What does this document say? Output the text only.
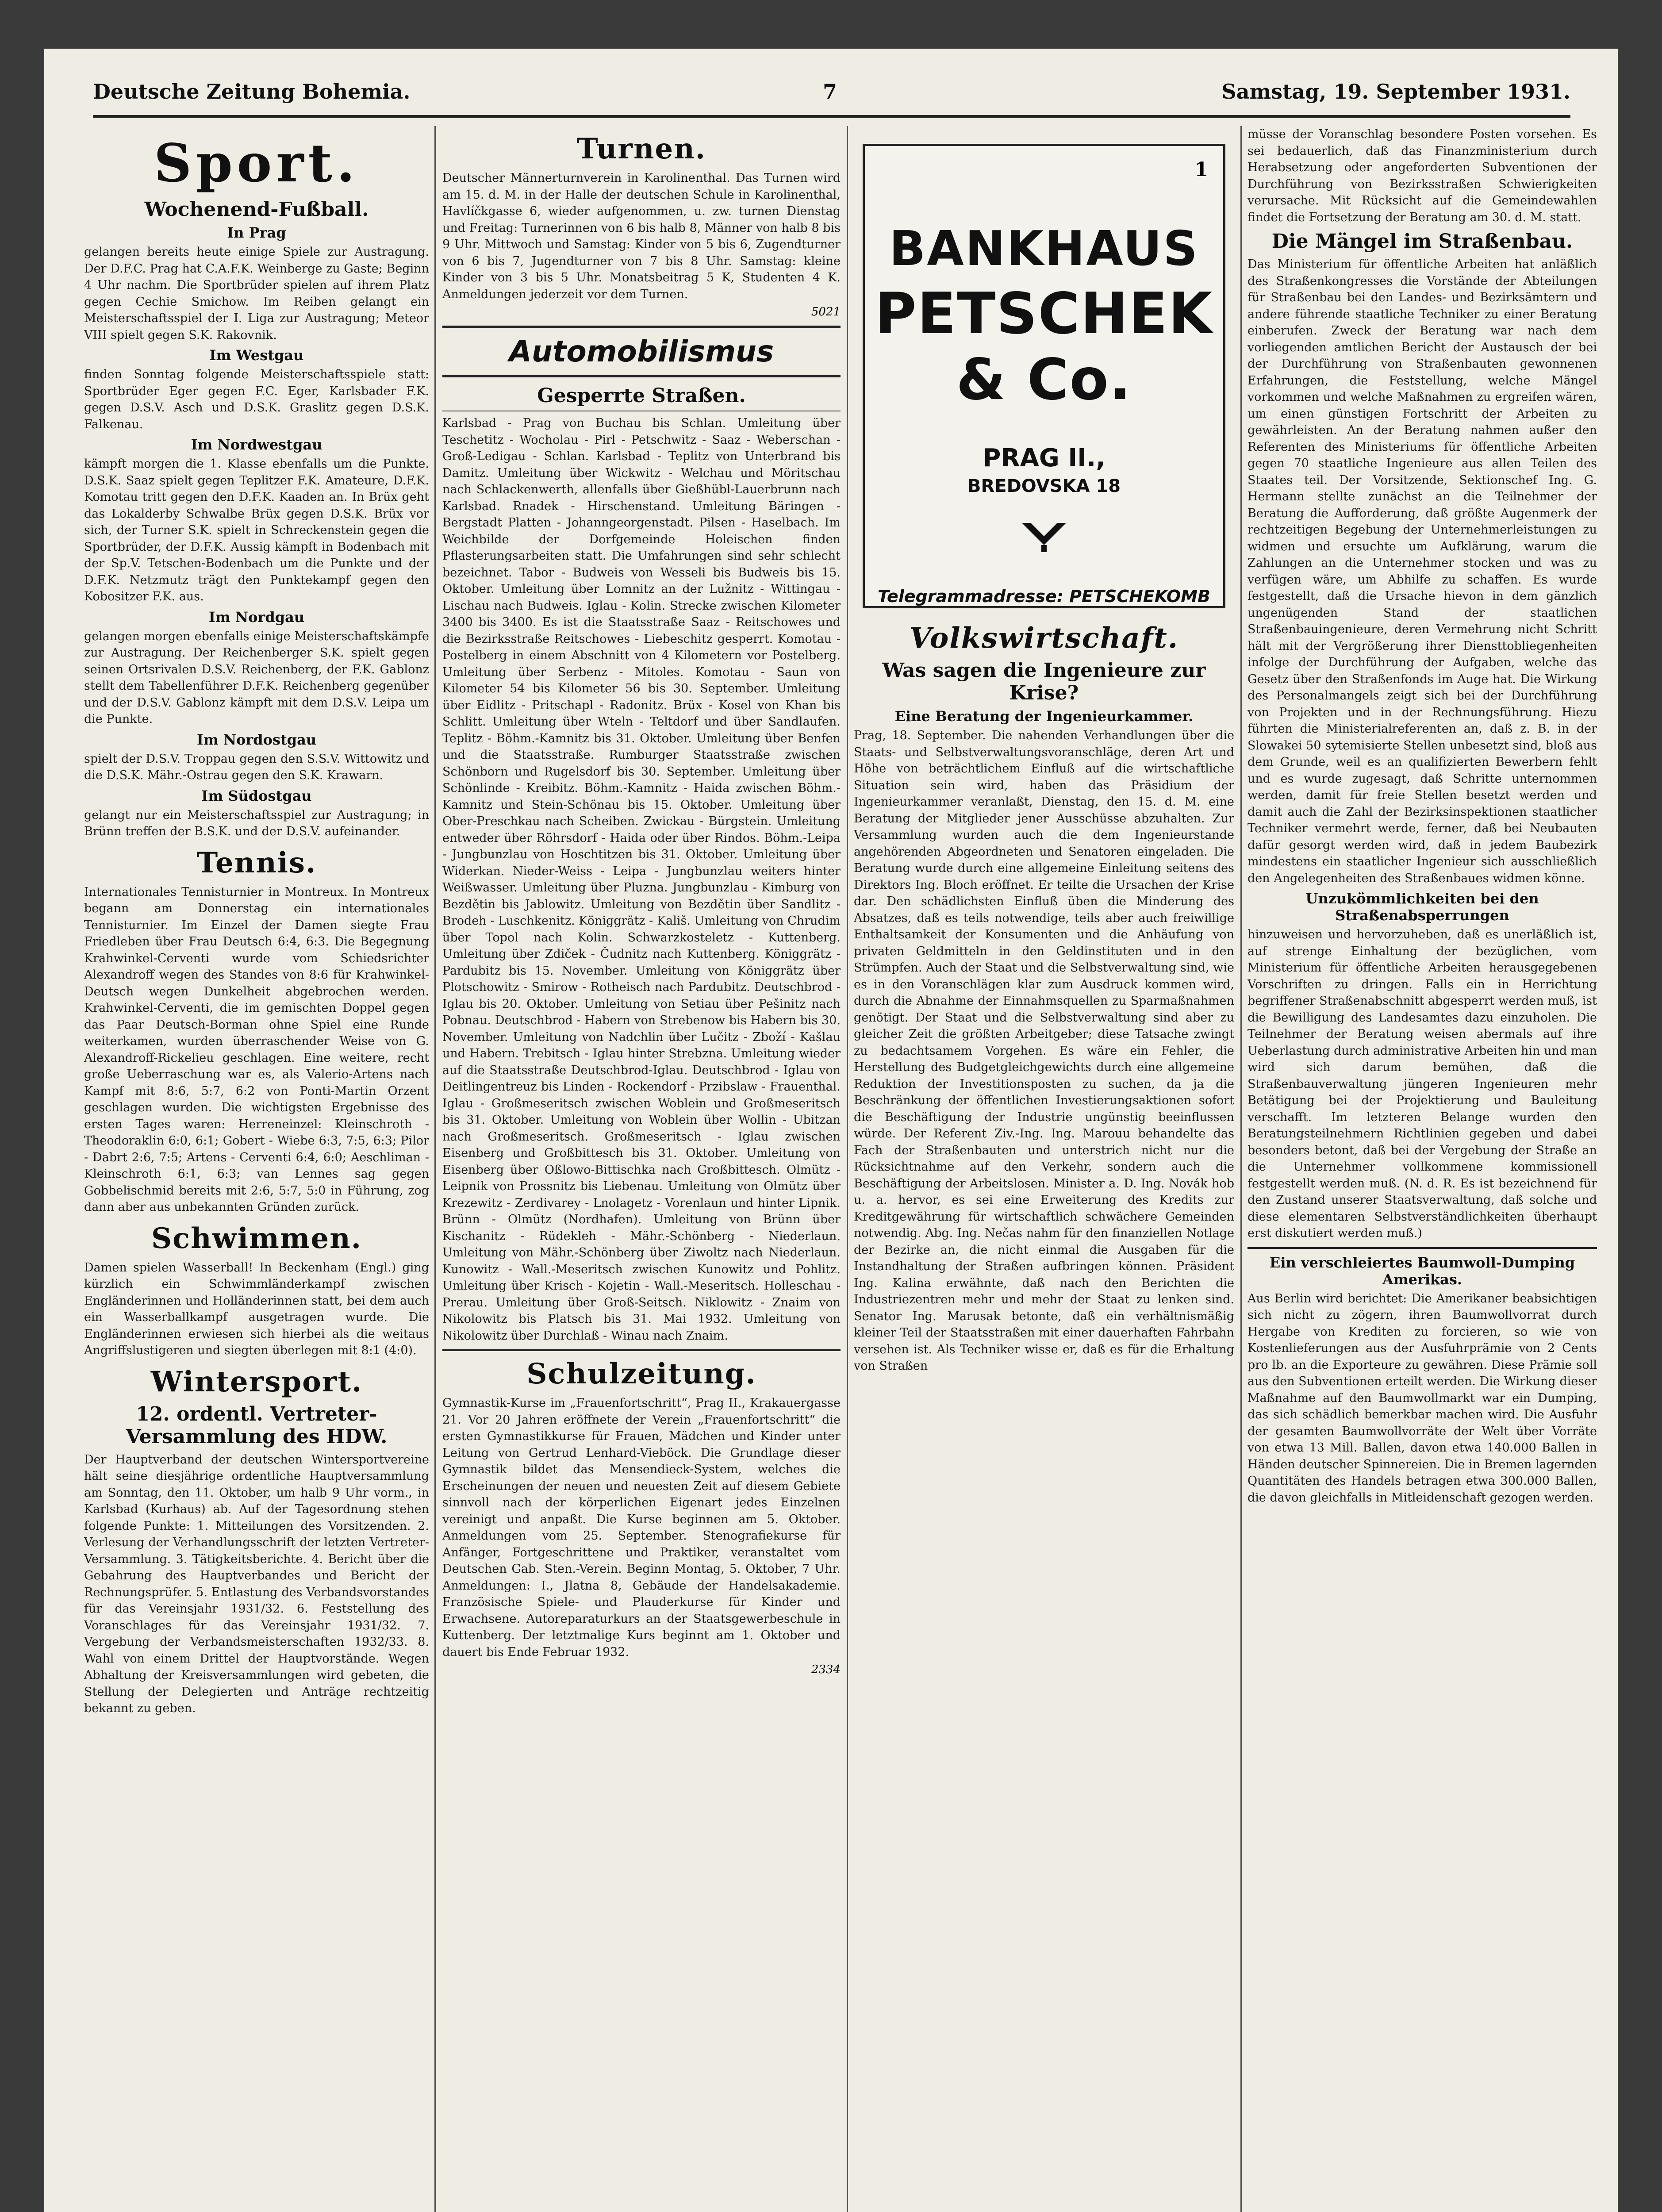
Deutsche Zeitung Bohemia.	7	Samstag, 19. September 1931.
Sport.
Wochenend-Fußball.
In Prag

gelangen bereits heute einige Spiele zur Austragung. Der D.F.C. Prag hat C.A.F.K. Weinberge zu Gaste; Beginn 4 Uhr nachm. Die Sportbrüder spielen auf ihrem Platz gegen Cechie Smichow. Im Reiben gelangt ein Meisterschaftsspiel der I. Liga zur Austragung; Meteor VIII spielt gegen S.K. Rakovnik.

Im Westgau

finden Sonntag folgende Meisterschaftsspiele statt: Sportbrüder Eger gegen F.C. Eger, Karlsbader F.K. gegen D.S.V. Asch und D.S.K. Graslitz gegen D.S.K. Falkenau.

Im Nordwestgau

kämpft morgen die 1. Klasse ebenfalls um die Punkte. D.S.K. Saaz spielt gegen Teplitzer F.K. Amateure, D.F.K. Komotau tritt gegen den D.F.K. Kaaden an. In Brüx geht das Lokalderby Schwalbe Brüx gegen D.S.K. Brüx vor sich, der Turner S.K. spielt in Schreckenstein gegen die Sportbrüder, der D.F.K. Aussig kämpft in Bodenbach mit der Sp.V. Tetschen-Bodenbach um die Punkte und der D.F.K. Netzmutz trägt den Punktekampf gegen den Kobositzer F.K. aus.

Im Nordgau

gelangen morgen ebenfalls einige Meisterschaftskämpfe zur Austragung. Der Reichenberger S.K. spielt gegen seinen Ortsrivalen D.S.V. Reichenberg, der F.K. Gablonz stellt dem Tabellenführer D.F.K. Reichenberg gegenüber und der D.S.V. Gablonz kämpft mit dem D.S.V. Leipa um die Punkte.

Im Nordostgau

spielt der D.S.V. Troppau gegen den S.S.V. Wittowitz und die D.S.K. Mähr.-Ostrau gegen den S.K. Krawarn.

Im Südostgau

gelangt nur ein Meisterschaftsspiel zur Austragung; in Brünn treffen der B.S.K. und der D.S.V. aufeinander.

Tennis.

Internationales Tennisturnier in Montreux. In Montreux begann am Donnerstag ein internationales Tennisturnier. Im Einzel der Damen siegte Frau Friedleben über Frau Deutsch 6:4, 6:3. Die Begegnung Krahwinkel-Cerventi wurde vom Schiedsrichter Alexandroff wegen des Standes von 8:6 für Krahwinkel-Deutsch wegen Dunkelheit abgebrochen werden. Krahwinkel-Cerventi, die im gemischten Doppel gegen das Paar Deutsch-Borman ohne Spiel eine Runde weiterkamen, wurden überraschender Weise von G. Alexandroff-Rickelieu geschlagen. Eine weitere, recht große Ueberraschung war es, als Valerio-Artens nach Kampf mit 8:6, 5:7, 6:2 von Ponti-Martin Orzent geschlagen wurden. Die wichtigsten Ergebnisse des ersten Tages waren: Herreneinzel: Kleinschroth - Theodoraklin 6:0, 6:1; Gobert - Wiebe 6:3, 7:5, 6:3; Pilor - Dabrt 2:6, 7:5; Artens - Cerventi 6:4, 6:0; Aeschliman - Kleinschroth 6:1, 6:3; van Lennes sag gegen Gobbelischmid bereits mit 2:6, 5:7, 5:0 in Führung, zog dann aber aus unbekannten Gründen zurück.

Schwimmen.

Damen spielen Wasserball! In Beckenham (Engl.) ging kürzlich ein Schwimmländerkampf zwischen Engländerinnen und Holländerinnen statt, bei dem auch ein Wasserballkampf ausgetragen wurde. Die Engländerinnen erwiesen sich hierbei als die weitaus Angriffslustigeren und siegten überlegen mit 8:1 (4:0).

Wintersport.
12. ordentl. Vertreter-Versammlung des HDW.

Der Hauptverband der deutschen Wintersportvereine hält seine diesjährige ordentliche Hauptversammlung am Sonntag, den 11. Oktober, um halb 9 Uhr vorm., in Karlsbad (Kurhaus) ab. Auf der Tagesordnung stehen folgende Punkte: 1. Mitteilungen des Vorsitzenden. 2. Verlesung der Verhandlungsschrift der letzten Vertreter-Versammlung. 3. Tätigkeitsberichte. 4. Bericht über die Gebahrung des Hauptverbandes und Bericht der Rechnungsprüfer. 5. Entlastung des Verbandsvorstandes für das Vereinsjahr 1931/32. 6. Feststellung des Voranschlages für das Vereinsjahr 1931/32. 7. Vergebung der Verbandsmeisterschaften 1932/33. 8. Wahl von einem Drittel der Hauptvorstände. Wegen Abhaltung der Kreisversammlungen wird gebeten, die Stellung der Delegierten und Anträge rechtzeitig bekannt zu geben.

Turnen.

Deutscher Männerturnverein in Karolinenthal. Das Turnen wird am 15. d. M. in der Halle der deutschen Schule in Karolinenthal, Havlíčkgasse 6, wieder aufgenommen, u. zw. turnen Dienstag und Freitag: Turnerinnen von 6 bis halb 8, Männer von halb 8 bis 9 Uhr. Mittwoch und Samstag: Kinder von 5 bis 6, Zugendturner von 6 bis 7, Jugendturner von 7 bis 8 Uhr. Samstag: kleine Kinder von 3 bis 5 Uhr. Monatsbeitrag 5 K, Studenten 4 K. Anmeldungen jederzeit vor dem Turnen.

5021
Automobilismus
Gesperrte Straßen.

Karlsbad - Prag von Buchau bis Schlan. Umleitung über Teschetitz - Wocholau - Pirl - Petschwitz - Saaz - Weberschan - Groß-Ledigau - Schlan. Karlsbad - Teplitz von Unterbrand bis Damitz. Umleitung über Wickwitz - Welchau und Möritschau nach Schlackenwerth, allenfalls über Gießhübl-Lauerbrunn nach Karlsbad. Rnadek - Hirschenstand. Umleitung Bäringen - Bergstadt Platten - Johanngeorgenstadt. Pilsen - Haselbach. Im Weichbilde der Dorfgemeinde Holeischen finden Pflasterungsarbeiten statt. Die Umfahrungen sind sehr schlecht bezeichnet. Tabor - Budweis von Wesseli bis Budweis bis 15. Oktober. Umleitung über Lomnitz an der Lužnitz - Wittingau - Lischau nach Budweis. Iglau - Kolin. Strecke zwischen Kilometer 3400 bis 3400. Es ist die Staatsstraße Saaz - Reitschowes und die Bezirksstraße Reitschowes - Liebeschitz gesperrt. Komotau - Postelberg in einem Abschnitt von 4 Kilometern vor Postelberg. Umleitung über Serbenz - Mitoles. Komotau - Saun von Kilometer 54 bis Kilometer 56 bis 30. September. Umleitung über Eidlitz - Pritschapl - Radonitz. Brüx - Kosel von Khan bis Schlitt. Umleitung über Wteln - Teltdorf und über Sandlaufen. Teplitz - Böhm.-Kamnitz bis 31. Oktober. Umleitung über Benfen und die Staatsstraße. Rumburger Staatsstraße zwischen Schönborn und Rugelsdorf bis 30. September. Umleitung über Schönlinde - Kreibitz. Böhm.-Kamnitz - Haida zwischen Böhm.-Kamnitz und Stein-Schönau bis 15. Oktober. Umleitung über Ober-Preschkau nach Scheiben. Zwickau - Bürgstein. Umleitung entweder über Röhrsdorf - Haida oder über Rindos. Böhm.-Leipa - Jungbunzlau von Hoschtitzen bis 31. Oktober. Umleitung über Widerkan. Nieder-Weiss - Leipa - Jungbunzlau weiters hinter Weißwasser. Umleitung über Pluzna. Jungbunzlau - Kimburg von Bezdětin bis Jablowitz. Umleitung von Bezdětin über Sandlitz - Brodeh - Luschkenitz. Königgrätz - Kališ. Umleitung von Chrudim über Topol nach Kolin. Schwarzkosteletz - Kuttenberg. Umleitung über Zdiček - Čudnitz nach Kuttenberg. Königgrätz - Pardubitz bis 15. November. Umleitung von Königgrätz über Plotschowitz - Smirow - Rotheisch nach Pardubitz. Deutschbrod - Iglau bis 20. Oktober. Umleitung von Setiau über Pešinitz nach Pobnau. Deutschbrod - Habern von Strebenow bis Habern bis 30. November. Umleitung von Nadchlin über Lučitz - Zboží - Kašlau und Habern. Trebitsch - Iglau hinter Strebzna. Umleitung wieder auf die Staatsstraße Deutschbrod-Iglau. Deutschbrod - Iglau von Deitlingentreuz bis Linden - Rockendorf - Przibslaw - Frauenthal. Iglau - Großmeseritsch zwischen Woblein und Großmeseritsch bis 31. Oktober. Umleitung von Woblein über Wollin - Ubitzan nach Großmeseritsch. Großmeseritsch - Iglau zwischen Eisenberg und Großbittesch bis 31. Oktober. Umleitung von Eisenberg über Oßlowo-Bittischka nach Großbittesch. Olmütz - Leipnik von Prossnitz bis Liebenau. Umleitung von Olmütz über Krezewitz - Zerdivarey - Lnolagetz - Vorenlaun und hinter Lipnik. Brünn - Olmütz (Nordhafen). Umleitung von Brünn über Kischanitz - Rüdekleh - Mähr.-Schönberg - Niederlaun. Umleitung von Mähr.-Schönberg über Ziwoltz nach Niederlaun. Kunowitz - Wall.-Meseritsch zwischen Kunowitz und Pohlitz. Umleitung über Krisch - Kojetin - Wall.-Meseritsch. Holleschau - Prerau. Umleitung über Groß-Seitsch. Niklowitz - Znaim von Nikolowitz bis Platsch bis 31. Mai 1932. Umleitung von Nikolowitz über Durchlaß - Winau nach Znaim.

Schulzeitung.

Gymnastik-Kurse im „Frauenfortschritt“, Prag II., Krakauergasse 21. Vor 20 Jahren eröffnete der Verein „Frauenfortschritt“ die ersten Gymnastikkurse für Frauen, Mädchen und Kinder unter Leitung von Gertrud Lenhard-Vieböck. Die Grundlage dieser Gymnastik bildet das Mensendieck-System, welches die Erscheinungen der neuen und neuesten Zeit auf diesem Gebiete sinnvoll nach der körperlichen Eigenart jedes Einzelnen vereinigt und anpaßt. Die Kurse beginnen am 5. Oktober. Anmeldungen vom 25. September. Stenografiekurse für Anfänger, Fortgeschrittene und Praktiker, veranstaltet vom Deutschen Gab. Sten.-Verein. Beginn Montag, 5. Oktober, 7 Uhr. Anmeldungen: I., Jlatna 8, Gebäude der Handelsakademie. Französische Spiele- und Plauderkurse für Kinder und Erwachsene. Autoreparaturkurs an der Staatsgewerbeschule in Kuttenberg. Der letztmalige Kurs beginnt am 1. Oktober und dauert bis Ende Februar 1932.

2334
1
BANKHAUS
PETSCHEK & Co.
PRAG II.,
BREDOVSKA 18
Telegrammadresse: PETSCHEKOMB
Volkswirtschaft.
Was sagen die Ingenieure zur Krise?
Eine Beratung der Ingenieurkammer.

Prag, 18. September. Die nahenden Verhandlungen über die Staats- und Selbstverwaltungsvoranschläge, deren Art und Höhe von beträchtlichem Einfluß auf die wirtschaftliche Situation sein wird, haben das Präsidium der Ingenieurkammer veranlaßt, Dienstag, den 15. d. M. eine Beratung der Mitglieder jener Ausschüsse abzuhalten. Zur Versammlung wurden auch die dem Ingenieurstande angehörenden Abgeordneten und Senatoren eingeladen. Die Beratung wurde durch eine allgemeine Einleitung seitens des Direktors Ing. Bloch eröffnet. Er teilte die Ursachen der Krise dar. Den schädlichsten Einfluß üben die Minderung des Absatzes, daß es teils notwendige, teils aber auch freiwillige Enthaltsamkeit der Konsumenten und die Anhäufung von privaten Geldmitteln in den Geldinstituten und in den Strümpfen. Auch der Staat und die Selbstverwaltung sind, wie es in den Voranschlägen klar zum Ausdruck kommen wird, durch die Abnahme der Einnahmsquellen zu Sparmaßnahmen genötigt. Der Staat und die Selbstverwaltung sind aber zu gleicher Zeit die größten Arbeitgeber; diese Tatsache zwingt zu bedachtsamem Vorgehen. Es wäre ein Fehler, die Herstellung des Budgetgleichgewichts durch eine allgemeine Reduktion der Investitionsposten zu suchen, da ja die Beschränkung der öffentlichen Investierungsaktionen sofort die Beschäftigung der Industrie ungünstig beeinflussen würde. Der Referent Ziv.-Ing. Ing. Marouu behandelte das Fach der Straßenbauten und unterstrich nicht nur die Rücksichtnahme auf den Verkehr, sondern auch die Beschäftigung der Arbeitslosen. Minister a. D. Ing. Novák hob u. a. hervor, es sei eine Erweiterung des Kredits zur Kreditgewährung für wirtschaftlich schwächere Gemeinden notwendig. Abg. Ing. Nečas nahm für den finanziellen Notlage der Bezirke an, die nicht einmal die Ausgaben für die Instandhaltung der Straßen aufbringen können. Präsident Ing. Kalina erwähnte, daß nach den Berichten die Industriezentren mehr und mehr der Staat zu lenken sind. Senator Ing. Marusak betonte, daß ein verhältnismäßig kleiner Teil der Staatsstraßen mit einer dauerhaften Fahrbahn versehen ist. Als Techniker wisse er, daß es für die Erhaltung von Straßen

müsse der Voranschlag besondere Posten vorsehen. Es sei bedauerlich, daß das Finanzministerium durch Herabsetzung oder angeforderten Subventionen der Durchführung von Bezirksstraßen Schwierigkeiten verursache. Mit Rücksicht auf die Gemeindewahlen findet die Fortsetzung der Beratung am 30. d. M. statt.

Die Mängel im Straßenbau.

Das Ministerium für öffentliche Arbeiten hat anläßlich des Straßenkongresses die Vorstände der Abteilungen für Straßenbau bei den Landes- und Bezirksämtern und andere führende staatliche Techniker zu einer Beratung einberufen. Zweck der Beratung war nach dem vorliegenden amtlichen Bericht der Austausch der bei der Durchführung von Straßenbauten gewonnenen Erfahrungen, die Feststellung, welche Mängel vorkommen und welche Maßnahmen zu ergreifen wären, um einen günstigen Fortschritt der Arbeiten zu gewährleisten. An der Beratung nahmen außer den Referenten des Ministeriums für öffentliche Arbeiten gegen 70 staatliche Ingenieure aus allen Teilen des Staates teil. Der Vorsitzende, Sektionschef Ing. G. Hermann stellte zunächst an die Teilnehmer der Beratung die Aufforderung, daß größte Augenmerk der rechtzeitigen Begebung der Unternehmerleistungen zu widmen und ersuchte um Aufklärung, warum die Zahlungen an die Unternehmer stocken und was zu verfügen wäre, um Abhilfe zu schaffen. Es wurde festgestellt, daß die Ursache hievon in dem gänzlich ungenügenden Stand der staatlichen Straßenbauingenieure, deren Vermehrung nicht Schritt hält mit der Vergrößerung ihrer Diensttobliegenheiten infolge der Durchführung der Aufgaben, welche das Gesetz über den Straßenfonds im Auge hat. Die Wirkung des Personalmangels zeigt sich bei der Durchführung von Projekten und in der Rechnungsführung. Hiezu führten die Ministerialreferenten an, daß z. B. in der Slowakei 50 sytemisierte Stellen unbesetzt sind, bloß aus dem Grunde, weil es an qualifizierten Bewerbern fehlt und es wurde zugesagt, daß Schritte unternommen werden, damit für freie Stellen besetzt werden und damit auch die Zahl der Bezirksinspektionen staatlicher Techniker vermehrt werde, ferner, daß bei Neubauten dafür gesorgt werden wird, daß in jedem Baubezirk mindestens ein staatlicher Ingenieur sich ausschließlich den Angelegenheiten des Straßenbaues widmen könne.

Unzukömmlichkeiten bei den Straßenabsperrungen

hinzuweisen und hervorzuheben, daß es unerläßlich ist, auf strenge Einhaltung der bezüglichen, vom Ministerium für öffentliche Arbeiten herausgegebenen Vorschriften zu dringen. Falls ein in Herrichtung begriffener Straßenabschnitt abgesperrt werden muß, ist die Bewilligung des Landesamtes dazu einzuholen. Die Teilnehmer der Beratung weisen abermals auf ihre Ueberlastung durch administrative Arbeiten hin und man wird sich darum bemühen, daß die Straßenbauverwaltung jüngeren Ingenieuren mehr Betätigung bei der Projektierung und Bauleitung verschafft. Im letzteren Belange wurden den Beratungsteilnehmern Richtlinien gegeben und dabei besonders betont, daß bei der Vergebung der Straße an die Unternehmer vollkommene kommissionell festgestellt werden muß. (N. d. R. Es ist bezeichnend für den Zustand unserer Staatsverwaltung, daß solche und diese elementaren Selbstverständlichkeiten überhaupt erst diskutiert werden muß.)

Ein verschleiertes Baumwoll-Dumping Amerikas.

Aus Berlin wird berichtet: Die Amerikaner beabsichtigen sich nicht zu zögern, ihren Baumwollvorrat durch Hergabe von Krediten zu forcieren, so wie von Kostenlieferungen aus der Ausfuhrprämie von 2 Cents pro lb. an die Exporteure zu gewähren. Diese Prämie soll aus den Subventionen erteilt werden. Die Wirkung dieser Maßnahme auf den Baumwollmarkt war ein Dumping, das sich schädlich bemerkbar machen wird. Die Ausfuhr der gesamten Baumwollvorräte der Welt über Vorräte von etwa 13 Mill. Ballen, davon etwa 140.000 Ballen in Händen deutscher Spinnereien. Die in Bremen lagernden Quantitäten des Handels betragen etwa 300.000 Ballen, die davon gleichfalls in Mitleidenschaft gezogen werden.
